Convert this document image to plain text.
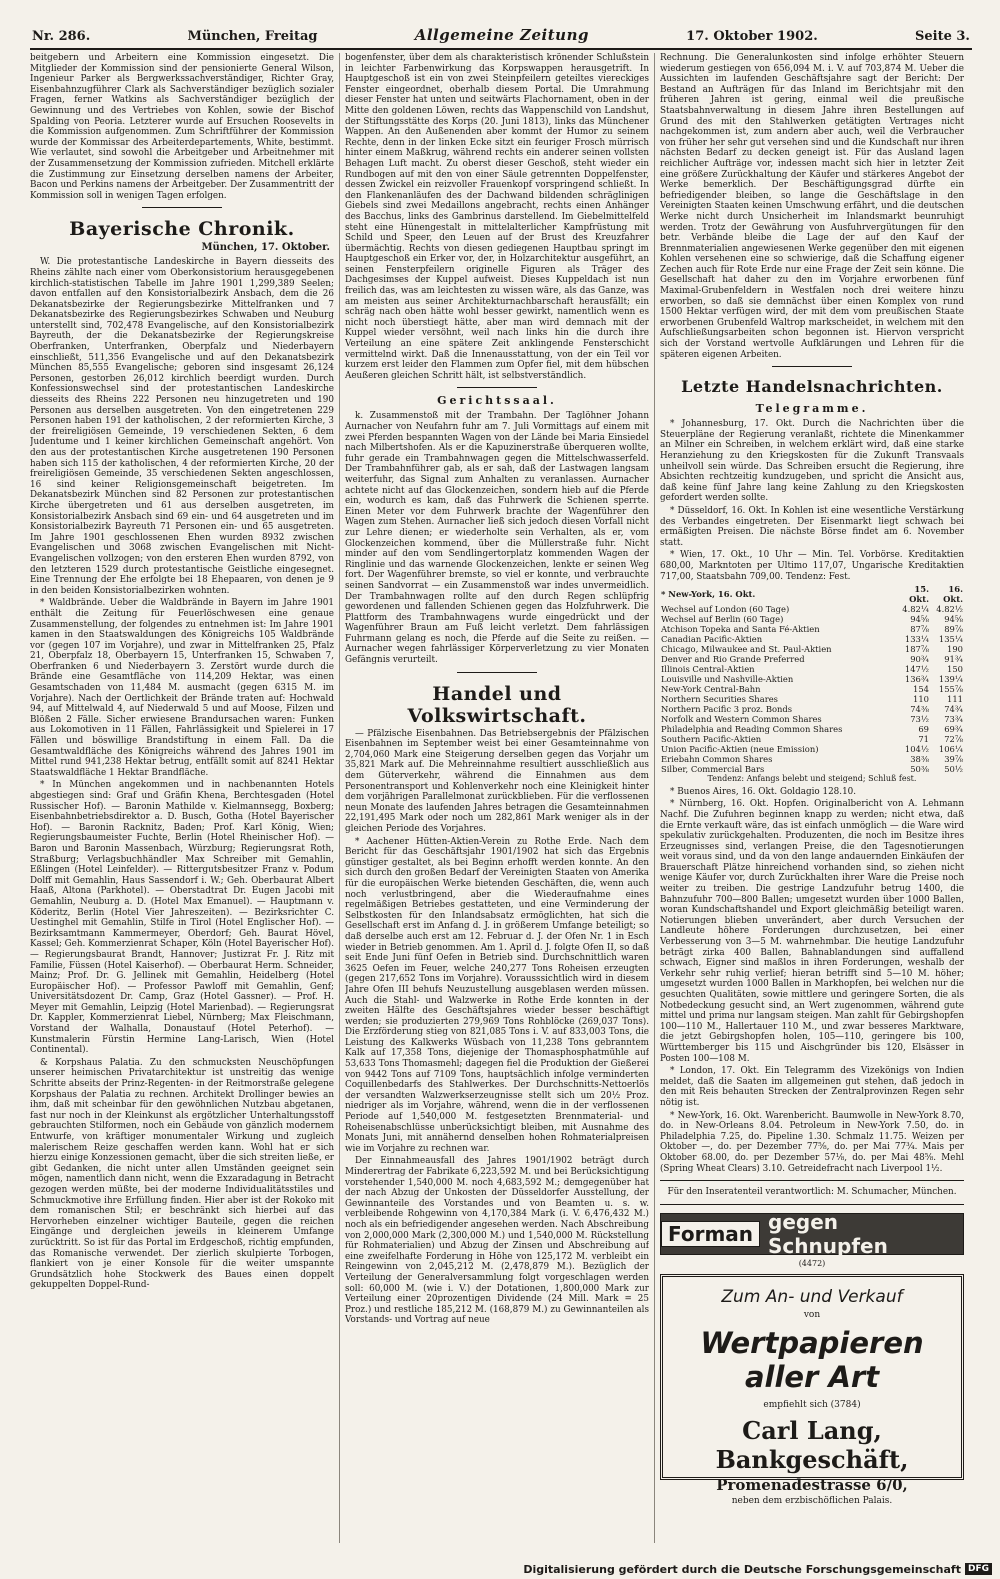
Nr. 286.	München, Freitag	Allgemeine Zeitung	17. Oktober 1902.	Seite 3.

beitgebern und Arbeitern eine Kommission eingesetzt. Die Mitglieder der Kommission sind der pensionierte General Wilson, Ingenieur Parker als Bergwerkssachverständiger, Richter Gray, Eisenbahnzugführer Clark als Sachverständiger bezüglich sozialer Fragen, ferner Watkins als Sachverständiger bezüglich der Gewinnung und des Vertriebes von Kohlen, sowie der Bischof Spalding von Peoria. Letzterer wurde auf Ersuchen Roosevelts in die Kommission aufgenommen. Zum Schriftführer der Kommission wurde der Kommissar des Arbeiterdepartements, White, bestimmt. Wie verlautet, sind sowohl die Arbeitgeber und Arbeitnehmer mit der Zusammensetzung der Kommission zufrieden. Mitchell erklärte die Zustimmung zur Einsetzung derselben namens der Arbeiter, Bacon und Perkins namens der Arbeitgeber. Der Zusammentritt der Kommission soll in wenigen Tagen erfolgen.

Bayerische Chronik.
München, 17. Oktober.

W. Die protestantische Landeskirche in Bayern diesseits des Rheins zählte nach einer vom Oberkonsistorium herausgegebenen kirchlich-statistischen Tabelle im Jahre 1901 1,299,389 Seelen; davon entfallen auf den Konsistorialbezirk Ansbach, dem die 26 Dekanatsbezirke der Regierungsbezirke Mittelfranken und 7 Dekanatsbezirke des Regierungsbezirkes Schwaben und Neuburg unterstellt sind, 702,478 Evangelische, auf den Konsistorialbezirk Bayreuth, der die Dekanatsbezirke der Regierungskreise Oberfranken, Unterfranken, Oberpfalz und Niederbayern einschließt, 511,356 Evangelische und auf den Dekanatsbezirk München 85,555 Evangelische; geboren sind insgesamt 26,124 Personen, gestorben 26,012 kirchlich beerdigt wurden. Durch Konfessionswechsel sind der protestantischen Landeskirche diesseits des Rheins 222 Personen neu hinzugetreten und 190 Personen aus derselben ausgetreten. Von den eingetretenen 229 Personen haben 191 der katholischen, 2 der reformierten Kirche, 3 der freireligiösen Gemeinde, 19 verschiedenen Sekten, 6 dem Judentume und 1 keiner kirchlichen Gemeinschaft angehört. Von den aus der protestantischen Kirche ausgetretenen 190 Personen haben sich 115 der katholischen, 4 der reformierten Kirche, 20 der freireligiösen Gemeinde, 35 verschiedenen Sekten angeschlossen, 16 sind keiner Religionsgemeinschaft beigetreten. Im Dekanatsbezirk München sind 82 Personen zur protestantischen Kirche übergetreten und 61 aus derselben ausgetreten, im Konsistorialbezirk Ansbach sind 69 ein- und 64 ausgetreten und im Konsistorialbezirk Bayreuth 71 Personen ein- und 65 ausgetreten. Im Jahre 1901 geschlossenen Ehen wurden 8932 zwischen Evangelischen und 3068 zwischen Evangelischen mit Nicht-Evangelischen vollzogen; von den ersteren Ehen wurden 8792, von den letzteren 1529 durch protestantische Geistliche eingesegnet. Eine Trennung der Ehe erfolgte bei 18 Ehepaaren, von denen je 9 in den beiden Konsistorialbezirken wohnten.

* Waldbrände. Ueber die Waldbrände in Bayern im Jahre 1901 enthält die Zeitung für Feuerlöschwesen eine genaue Zusammenstellung, der folgendes zu entnehmen ist: Im Jahre 1901 kamen in den Staatswaldungen des Königreichs 105 Waldbrände vor (gegen 107 im Vorjahre), und zwar in Mittelfranken 25, Pfalz 21, Oberpfalz 18, Oberbayern 15, Unterfranken 15, Schwaben 7, Oberfranken 6 und Niederbayern 3. Zerstört wurde durch die Brände eine Gesamtfläche von 114,209 Hektar, was einen Gesamtschaden von 11,484 M. ausmacht (gegen 6315 M. im Vorjahre). Nach der Oertlichkeit der Brände traten auf: Hochwald 94, auf Mittelwald 4, auf Niederwald 5 und auf Moose, Filzen und Blößen 2 Fälle. Sicher erwiesene Brandursachen waren: Funken aus Lokomotiven in 11 Fällen, Fahrlässigkeit und Spielerei in 17 Fällen und böswillige Brandstiftung in einem Fall. Da die Gesamtwaldfläche des Königreichs während des Jahres 1901 im Mittel rund 941,238 Hektar betrug, entfällt somit auf 8241 Hektar Staatswaldfläche 1 Hektar Brandfläche.

* In München angekommen und in nachbenannten Hotels abgestiegen sind: Graf und Gräfin Khena, Berchtesgaden (Hotel Russischer Hof). — Baronin Mathilde v. Kielmannsegg, Boxberg; Eisenbahnbetriebsdirektor a. D. Busch, Gotha (Hotel Bayerischer Hof). — Baronin Racknitz, Baden; Prof. Karl König, Wien; Regierungsbaumeister Fuchte, Berlin (Hotel Rheinischer Hof). — Baron und Baronin Massenbach, Würzburg; Regierungsrat Roth, Straßburg; Verlagsbuchhändler Max Schreiber mit Gemahlin, Eßlingen (Hotel Leinfelder). — Rittergutsbesitzer Franz v. Podum Dolff mit Gemahlin, Haus Sassendorf i. W.; Geh. Oberbaurat Albert Haaß, Altona (Parkhotel). — Oberstadtrat Dr. Eugen Jacobi mit Gemahlin, Neuburg a. D. (Hotel Max Emanuel). — Hauptmann v. Köderitz, Berlin (Hotel Vier Jahreszeiten). — Bezirksrichter C. Uestinghel mit Gemahlin, Stilfe in Tirol (Hotel Englischer Hof). — Bezirksamtmann Kammermeyer, Oberdorf; Geh. Baurat Hövel, Kassel; Geh. Kommerzienrat Schaper, Köln (Hotel Bayerischer Hof). — Regierungsbaurat Brandt, Hannover; Justizrat Fr. J. Ritz mit Familie, Füssen (Hotel Kaiserhof). — Oberbaurat Herm. Schneider, Mainz; Prof. Dr. G. Jellinek mit Gemahlin, Heidelberg (Hotel Europäischer Hof). — Professor Pawloff mit Gemahlin, Genf; Universitätsdozent Dr. Camp, Graz (Hotel Gassner). — Prof. H. Meyer mit Gemahlin, Leipzig (Hotel Marienbad). — Regierungsrat Dr. Kappler, Kommerzienrat Liebel, Nürnberg; Max Fleischmann, Vorstand der Walhalla, Donaustauf (Hotel Peterhof). — Kunstmalerin Fürstin Hermine Lang-Larisch, Wien (Hotel Continental).

& Korpshaus Palatia. Zu den schmucksten Neuschöpfungen unserer heimischen Privatarchitektur ist unstreitig das wenige Schritte abseits der Prinz-Regenten- in der Reitmorstraße gelegene Korpshaus der Palatia zu rechnen. Architekt Drollinger bewies an ihm, daß mit scheinbar für den gewöhnlichen Nutzbau abgetanen, fast nur noch in der Kleinkunst als ergötzlicher Unterhaltungsstoff gebrauchten Stilformen, noch ein Gebäude von gänzlich modernem Entwurfe, von kräftiger monumentaler Wirkung und zugleich malerischem Reize geschaffen werden kann. Wohl hat er sich hierzu einige Konzessionen gemacht, über die sich streiten ließe, er gibt Gedanken, die nicht unter allen Umständen geeignet sein mögen, namentlich dann nicht, wenn die Exzaradagung in Betracht gezogen werden müßte, bei der moderne Individualitätsstiles und Schmuckmotive ihre Erfüllung finden. Hier aber ist der Rokoko mit dem romanischen Stil; er beschränkt sich hierbei auf das Hervorheben einzelner wichtiger Bauteile, gegen die reichen Eingänge und dergleichen jeweils in kleinerem Umfange zurücktritt. So ist für das Portal im Erdgeschoß, richtig empfunden, das Romanische verwendet. Der zierlich skulpierte Torbogen, flankiert von je einer Konsole für die weiter umspannte Grundsätzlich hohe Stockwerk des Baues einen doppelt gekuppelten Doppel-Rund-

bogenfenster, über dem als charakteristisch krönender Schlußstein in leichter Farbenwirkung das Korpswappen herausgetrift. In Hauptgeschoß ist ein von zwei Steinpfeilern geteiltes viereckiges Fenster eingeordnet, oberhalb diesem Portal. Die Umrahmung dieser Fenster hat unten und seitwärts Flachornament, oben in der Mitte den goldenen Löwen, rechts das Wappenschild von Landshut, der Stiftungsstätte des Korps (20. Juni 1813), links das Münchener Wappen. An den Außenenden aber kommt der Humor zu seinem Rechte, denn in der linken Ecke sitzt ein feuriger Frosch mürrisch hinter einem Maßkrug, während rechts ein anderer seinen vollsten Behagen Luft macht. Zu oberst dieser Geschoß, steht wieder ein Rundbogen auf mit den von einer Säule getrennten Doppelfenster, dessen Zwickel ein reizvoller Frauenkopf vorspringend schließt. In den Flankenanläufen des der Dachwand bildenden schräglinigen Giebels sind zwei Medaillons angebracht, rechts einen Anhänger des Bacchus, links des Gambrinus darstellend. Im Giebelmittelfeld steht eine Hünengestalt in mittelalterlicher Kampfrüstung mit Schild und Speer, den Leuen auf der Brust des Kreuzfahrer übermächtig. Rechts von diesen gediegenen Hauptbau springt im Hauptgeschoß ein Erker vor, der, in Holzarchitektur ausgeführt, an seinen Fensterpfeilern originelle Figuren als Träger des Dachgesimses der Kuppel aufweist. Dieses Kuppeldach ist nun freilich das, was am leichtesten zu wissen wäre, als das Ganze, was am meisten aus seiner Architekturnachbarschaft herausfällt; ein schräg nach oben hätte wohl besser gewirkt, namentlich wenn es nicht noch überstiegt hätte, aber man wird demnach mit der Kuppel wieder versöhnt, weil nach links hin die durch ihre Verteilung an eine spätere Zeit anklingende Fensterschicht vermittelnd wirkt. Daß die Innenausstattung, von der ein Teil vor kurzem erst leider den Flammen zum Opfer fiel, mit dem hübschen Aeußeren gleichen Schritt hält, ist selbstverständlich.

Gerichtssaal.

k. Zusammenstoß mit der Trambahn. Der Taglöhner Johann Aurnacher von Neufahrn fuhr am 7. Juli Vormittags auf einem mit zwei Pferden bespannten Wagen von der Lände bei Maria Einsiedel nach Milbertshofen. Als er die Kapuzinerstraße überqueren wollte, fuhr gerade ein Trambahnwagen gegen die Mittelschwasserfeld. Der Trambahnführer gab, als er sah, daß der Lastwagen langsam weiterfuhr, das Signal zum Anhalten zu veranlassen. Aurnacher achtete nicht auf das Glockenzeichen, sondern hieb auf die Pferde ein, wodurch es kam, daß das Fuhrwerk die Schienen sperrte. Einen Meter vor dem Fuhrwerk brachte der Wagenführer den Wagen zum Stehen. Aurnacher ließ sich jedoch diesen Vorfall nicht zur Lehre dienen; er wiederholte sein Verhalten, als er, vom Glockenzeichen kommend, über die Müllerstraße fuhr. Nicht minder auf den vom Sendlingertorplatz kommenden Wagen der Ringlinie und das warnende Glockenzeichen, lenkte er seinen Weg fort. Der Wagenführer bremste, so viel er konnte, und verbrauchte seinen Sandvorrat — ein Zusammenstoß war indes unvermeidlich. Der Trambahnwagen rollte auf den durch Regen schlüpfrig gewordenen und fallenden Schienen gegen das Holzfuhrwerk. Die Plattform des Trambahnwagens wurde eingedrückt und der Wagenführer Braun am Fuß leicht verletzt. Dem fahrlässigen Fuhrmann gelang es noch, die Pferde auf die Seite zu reißen. — Aurnacher wegen fahrlässiger Körperverletzung zu vier Monaten Gefängnis verurteilt.

Handel und Volkswirtschaft.

— Pfälzische Eisenbahnen. Das Betriebsergebnis der Pfälzischen Eisenbahnen im September weist bei einer Gesamteinnahme von 2,704,060 Mark eine Steigerung derselben gegen das Vorjahr um 35,821 Mark auf. Die Mehreinnahme resultiert ausschließlich aus dem Güterverkehr, während die Einnahmen aus dem Personentransport und Kohlenverkehr noch eine Kleinigkeit hinter dem vorjährigen Parallelmonat zurückblieben. Für die verflossenen neun Monate des laufenden Jahres betragen die Gesamteinnahmen 22,191,495 Mark oder noch um 282,861 Mark weniger als in der gleichen Periode des Vorjahres.

* Aachener Hütten-Aktien-Verein zu Rothe Erde. Nach dem Bericht für das Geschäftsjahr 1901/1902 hat sich das Ergebnis günstiger gestaltet, als bei Beginn erhofft werden konnte. An den sich durch den großen Bedarf der Vereinigten Staaten von Amerika für die europäischen Werke bietenden Geschäften, die, wenn auch noch verlustbringend, aber die Wiederaufnahme eines regelmäßigen Betriebes gestatteten, und eine Verminderung der Selbstkosten für den Inlandsabsatz ermöglichten, hat sich die Gesellschaft erst im Anfang d. J. in größerem Umfange beteiligt; so daß derselbe auch erst am 12. Februar d. J. der Ofen Nr. 1 in Esch wieder in Betrieb genommen. Am 1. April d. J. folgte Ofen II, so daß seit Ende Juni fünf Oefen in Betrieb sind. Durchschnittlich waren 3625 Oefen im Feuer, welche 240,277 Tons Roheisen erzeugten (gegen 217,652 Tons im Vorjahre). Vorausssichtlich wird in diesem Jahre Ofen III behufs Neuzustellung ausgeblasen werden müssen. Auch die Stahl- und Walzwerke in Rothe Erde konnten in der zweiten Hälfte des Geschäftsjahres wieder besser beschäftigt werden; sie produzierten 279,969 Tons Rohblöcke (269,037 Tons). Die Erzförderung stieg von 821,085 Tons i. V. auf 833,003 Tons, die Leistung des Kalkwerks Wüsbach von 11,238 Tons gebranntem Kalk auf 17,358 Tons, diejenige der Thomasphosphatmühle auf 53,633 Tons Thomasmehl; dagegen fiel die Produktion der Gießerei von 9442 Tons auf 7109 Tons, hauptsächlich infolge verminderten Coquillenbedarfs des Stahlwerkes. Der Durchschnitts-Nettoerlös der versandten Walzwerkserzeugnisse stellt sich um 20½ Proz. niedriger als im Vorjahre, während, wenn die in der verflossenen Periode auf 1,540,000 M. festgesetzten Brennmaterial- und Roheisenabschlüsse unberücksichtigt bleiben, mit Ausnahme des Monats Juni, mit annähernd denselben hohen Rohmaterialpreisen wie im Vorjahre zu rechnen war.

Der Einnahmeausfall des Jahres 1901/1902 beträgt durch Minderertrag der Fabrikate 6,223,592 M. und bei Berücksichtigung vorstehender 1,540,000 M. noch 4,683,592 M.; demgegenüber hat der nach Abzug der Unkosten der Düsseldorfer Ausstellung, der Gewinnanteile des Vorstandes und von Beamten u. s. w. verbleibende Rohgewinn von 4,170,384 Mark (i. V. 6,476,432 M.) noch als ein befriedigender angesehen werden. Nach Abschreibung von 2,000,000 Mark (2,300,000 M.) und 1,540,000 M. Rückstellung für Rohmaterialien) und Abzug der Zinsen und Abschreibung auf eine zweifelhafte Forderung in Höhe von 125,172 M. verbleibt ein Reingewinn von 2,045,212 M. (2,478,879 M.). Bezüglich der Verteilung der Generalversammlung folgt vorgeschlagen werden soll: 60,000 M. (wie i. V.) der Dotationen, 1,800,000 Mark zur Verteilung einer 20prozentigen Dividende (24 Mill. Mark = 25 Proz.) und restliche 185,212 M. (168,879 M.) zu Gewinnanteilen als Vorstands- und Vortrag auf neue

Rechnung. Die Generalunkosten sind infolge erhöhter Steuern wiederum gestiegen von 656,094 M. i. V. auf 703,874 M. Ueber die Aussichten im laufenden Geschäftsjahre sagt der Bericht: Der Bestand an Aufträgen für das Inland im Berichtsjahr mit den früheren Jahren ist gering, einmal weil die preußische Staatsbahnverwaltung in diesem Jahre ihren Bestellungen auf Grund des mit den Stahlwerken getätigten Vertrages nicht nachgekommen ist, zum andern aber auch, weil die Verbraucher von früher her sehr gut versehen sind und die Kundschaft nur ihren nächsten Bedarf zu decken geneigt ist. Für das Ausland lagen reichlicher Aufträge vor, indessen macht sich hier in letzter Zeit eine größere Zurückhaltung der Käufer und stärkeres Angebot der Werke bemerklich. Der Beschäftigungsgrad dürfte ein befriedigender bleiben, so lange die Geschäftslage in den Vereinigten Staaten keinen Umschwung erfährt, und die deutschen Werke nicht durch Unsicherheit im Inlandsmarkt beunruhigt werden. Trotz der Gewährung von Ausfuhrvergütungen für den betr. Verbände bleibe die Lage der auf den Kauf der Brennmaterialien angewiesenen Werke gegenüber den mit eigenen Kohlen versehenen eine so schwierige, daß die Schaffung eigener Zechen auch für Rote Erde nur eine Frage der Zeit sein könne. Die Gesellschaft hat daher zu den im Vorjahre erworbenen fünf Maximal-Grubenfeldern in Westfalen noch drei weitere hinzu erworben, so daß sie demnächst über einen Komplex von rund 1500 Hektar verfügen wird, der mit dem vom preußischen Staate erworbenen Grubenfeld Waltrop markscheidet, in welchem mit den Aufschließungsarbeiten schon begonnen ist. Hiervon verspricht sich der Vorstand wertvolle Aufklärungen und Lehren für die späteren eigenen Arbeiten.

Letzte Handelsnachrichten.
Telegramme.

* Johannesburg, 17. Okt. Durch die Nachrichten über die Steuerpläne der Regierung veranlaßt, richtete die Minenkammer an Milner ein Schreiben, in welchem erklärt wird, daß eine starke Heranziehung zu den Kriegskosten für die Zukunft Transvaals unheilvoll sein würde. Das Schreiben ersucht die Regierung, ihre Absichten rechtzeitig kundzugeben, und spricht die Ansicht aus, daß keine fünf Jahre lang keine Zahlung zu den Kriegskosten gefordert werden sollte.

* Düsseldorf, 16. Okt. In Kohlen ist eine wesentliche Verstärkung des Verbandes eingetreten. Der Eisenmarkt liegt schwach bei ermäßigten Preisen. Die nächste Börse findet am 6. November statt.

* Wien, 17. Okt., 10 Uhr — Min. Tel. Vorbörse. Kreditaktien 680,00, Markntoten per Ultimo 117,07, Ungarische Kreditaktien 717,00, Staatsbahn 709,00. Tendenz: Fest.

* New-York, 16. Okt.	15. Okt.	16. Okt.
Wechsel auf London (60 Tage)	4.82¼	4.82½
Wechsel auf Berlin (60 Tage)	94⅝	94⅝
Atchison Topeka and Santa Fé-Aktien	87⅞	89⅞
Canadian Pacific-Aktien	133¼	135¼
Chicago, Milwaukee and St. Paul-Aktien	187⅞	190
Denver and Rio Grande Preferred	90¾	91¾
Illinois Central-Aktien	147½	150
Louisville und Nashville-Aktien	136¾	139¼
New-York Central-Bahn	154	155⅞
Northern Securities Shares	110	111
Northern Pacific 3 proz. Bonds	74⅜	74¾
Norfolk and Western Common Shares	73½	73¾
Philadelphia and Reading Common Shares	69	69¾
Southern Pacific-Aktien	71	72⅞
Union Pacific-Aktien (neue Emission)	104½	106¼
Eriebahn Common Shares	38⅜	39⅞
Silber, Commercial Bars	50⅜	50½

Tendenz: Anfangs belebt und steigend; Schluß fest.

* Buenos Aires, 16. Okt. Goldagio 128.10.

* Nürnberg, 16. Okt. Hopfen. Originalbericht von A. Lehmann Nachf. Die Zufuhren beginnen knapp zu werden; nicht etwa, daß die Ernte verkauft wäre, das ist einfach unmöglich — die Ware wird spekulativ zurückgehalten. Produzenten, die noch im Besitze ihres Erzeugnisses sind, verlangen Preise, die den Tagesnotierungen weit voraus sind, und da von den lange andauernden Einkäufen der Brauerschaft Plätze hinreichend vorhanden sind, so ziehen nicht wenige Käufer vor, durch Zurückhalten ihrer Ware die Preise noch weiter zu treiben. Die gestrige Landzufuhr betrug 1400, die Bahnzufuhr 700—800 Ballen; umgesetzt wurden über 1000 Ballen, woran Kundschaftshandel und Export gleichmäßig beteiligt waren. Notierungen blieben unverändert, aber durch Versuchen der Landleute höhere Forderungen durchzusetzen, bei einer Verbesserung von 3—5 M. wahrnehmbar. Die heutige Landzufuhr beträgt zirka 400 Ballen, Bahnablandungen sind auffallend schwach, Eigner sind maßlos in ihren Forderungen, weshalb der Verkehr sehr ruhig verlief; hieran betrifft sind 5—10 M. höher; umgesetzt wurden 1000 Ballen in Markhopfen, bei welchen nur die gesuchten Qualitäten, sowie mittlere und geringere Sorten, die als Notbedeckung gesucht sind, an Wert zugenommen, während gute mittel und prima nur langsam steigen. Man zahlt für Gebirgshopfen 100—110 M., Hallertauer 110 M., und zwar besseres Marktware, die jetzt Gebirgshopfen holen, 105—110, geringere bis 100, Württemberger bis 115 und Aischgründer bis 120, Elsässer in Posten 100—108 M.

* London, 17. Okt. Ein Telegramm des Vizekönigs von Indien meldet, daß die Saaten im allgemeinen gut stehen, daß jedoch in den mit Reis behauten Strecken der Zentralprovinzen Regen sehr nötig ist.

* New-York, 16. Okt. Warenbericht. Baumwolle in New-York 8.70, do. in New-Orleans 8.04. Petroleum in New-York 7.50, do. in Philadelphia 7.25, do. Pipeline 1.30. Schmalz 11.75. Weizen per Oktober —, do. per Dezember 77⅝, do. per Mai 77¾. Mais per Oktober 68.00, do. per Dezember 57⅛, do. per Mai 48⅝. Mehl (Spring Wheat Clears) 3.10. Getreidefracht nach Liverpool 1½.

Für den Inseratenteil verantwortlich: M. Schumacher, München.

Forman gegen Schnupfen
(4472)
Zum An- und Verkauf
von
Wertpapieren aller Art
empfiehlt sich (3784)
Carl Lang, Bankgeschäft,
Promenadestrasse 6/0,
neben dem erzbischöflichen Palais.
Digitalisierung gefördert durch die Deutsche Forschungsgemeinschaft DFG
